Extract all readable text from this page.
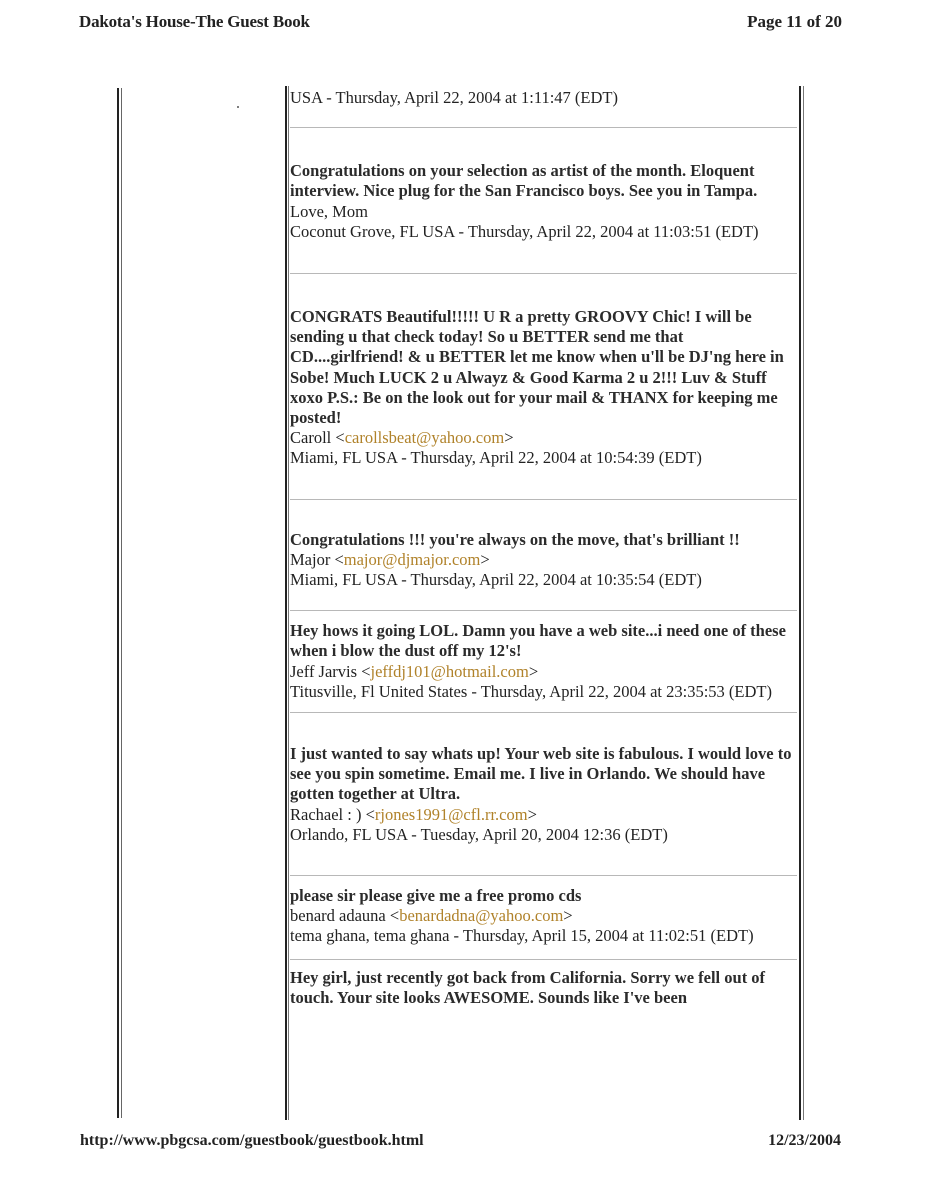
Dakota's House-The Guest Book	Page 11 of 20
USA - Thursday, April 22, 2004 at 1:11:47 (EDT)
Congratulations on your selection as artist of the month. Eloquent interview. Nice plug for the San Francisco boys. See you in Tampa.
Love, Mom
Coconut Grove, FL USA - Thursday, April 22, 2004 at 11:03:51 (EDT)
CONGRATS Beautiful!!!!! U R a pretty GROOVY Chic! I will be sending u that check today! So u BETTER send me that CD....girlfriend! & u BETTER let me know when u'll be DJ'ng here in Sobe! Much LUCK 2 u Alwayz & Good Karma 2 u 2!!! Luv & Stuff xoxo P.S.: Be on the look out for your mail & THANX for keeping me posted!
Caroll <carollsbeat@yahoo.com>
Miami, FL USA - Thursday, April 22, 2004 at 10:54:39 (EDT)
Congratulations !!! you're always on the move, that's brilliant !!
Major <major@djmajor.com>
Miami, FL USA - Thursday, April 22, 2004 at 10:35:54 (EDT)
Hey hows it going LOL. Damn you have a web site...i need one of these when i blow the dust off my 12's!
Jeff Jarvis <jeffdj101@hotmail.com>
Titusville, Fl United States - Thursday, April 22, 2004 at 23:35:53 (EDT)
I just wanted to say whats up! Your web site is fabulous. I would love to see you spin sometime. Email me. I live in Orlando. We should have gotten together at Ultra.
Rachael : ) <rjones1991@cfl.rr.com>
Orlando, FL USA - Tuesday, April 20, 2004 12:36 (EDT)
please sir please give me a free promo cds
benard adauna <benardadna@yahoo.com>
tema ghana, tema ghana - Thursday, April 15, 2004 at 11:02:51 (EDT)
Hey girl, just recently got back from California. Sorry we fell out of touch. Your site looks AWESOME. Sounds like I've been
http://www.pbgcsa.com/guestbook/guestbook.html	12/23/2004
